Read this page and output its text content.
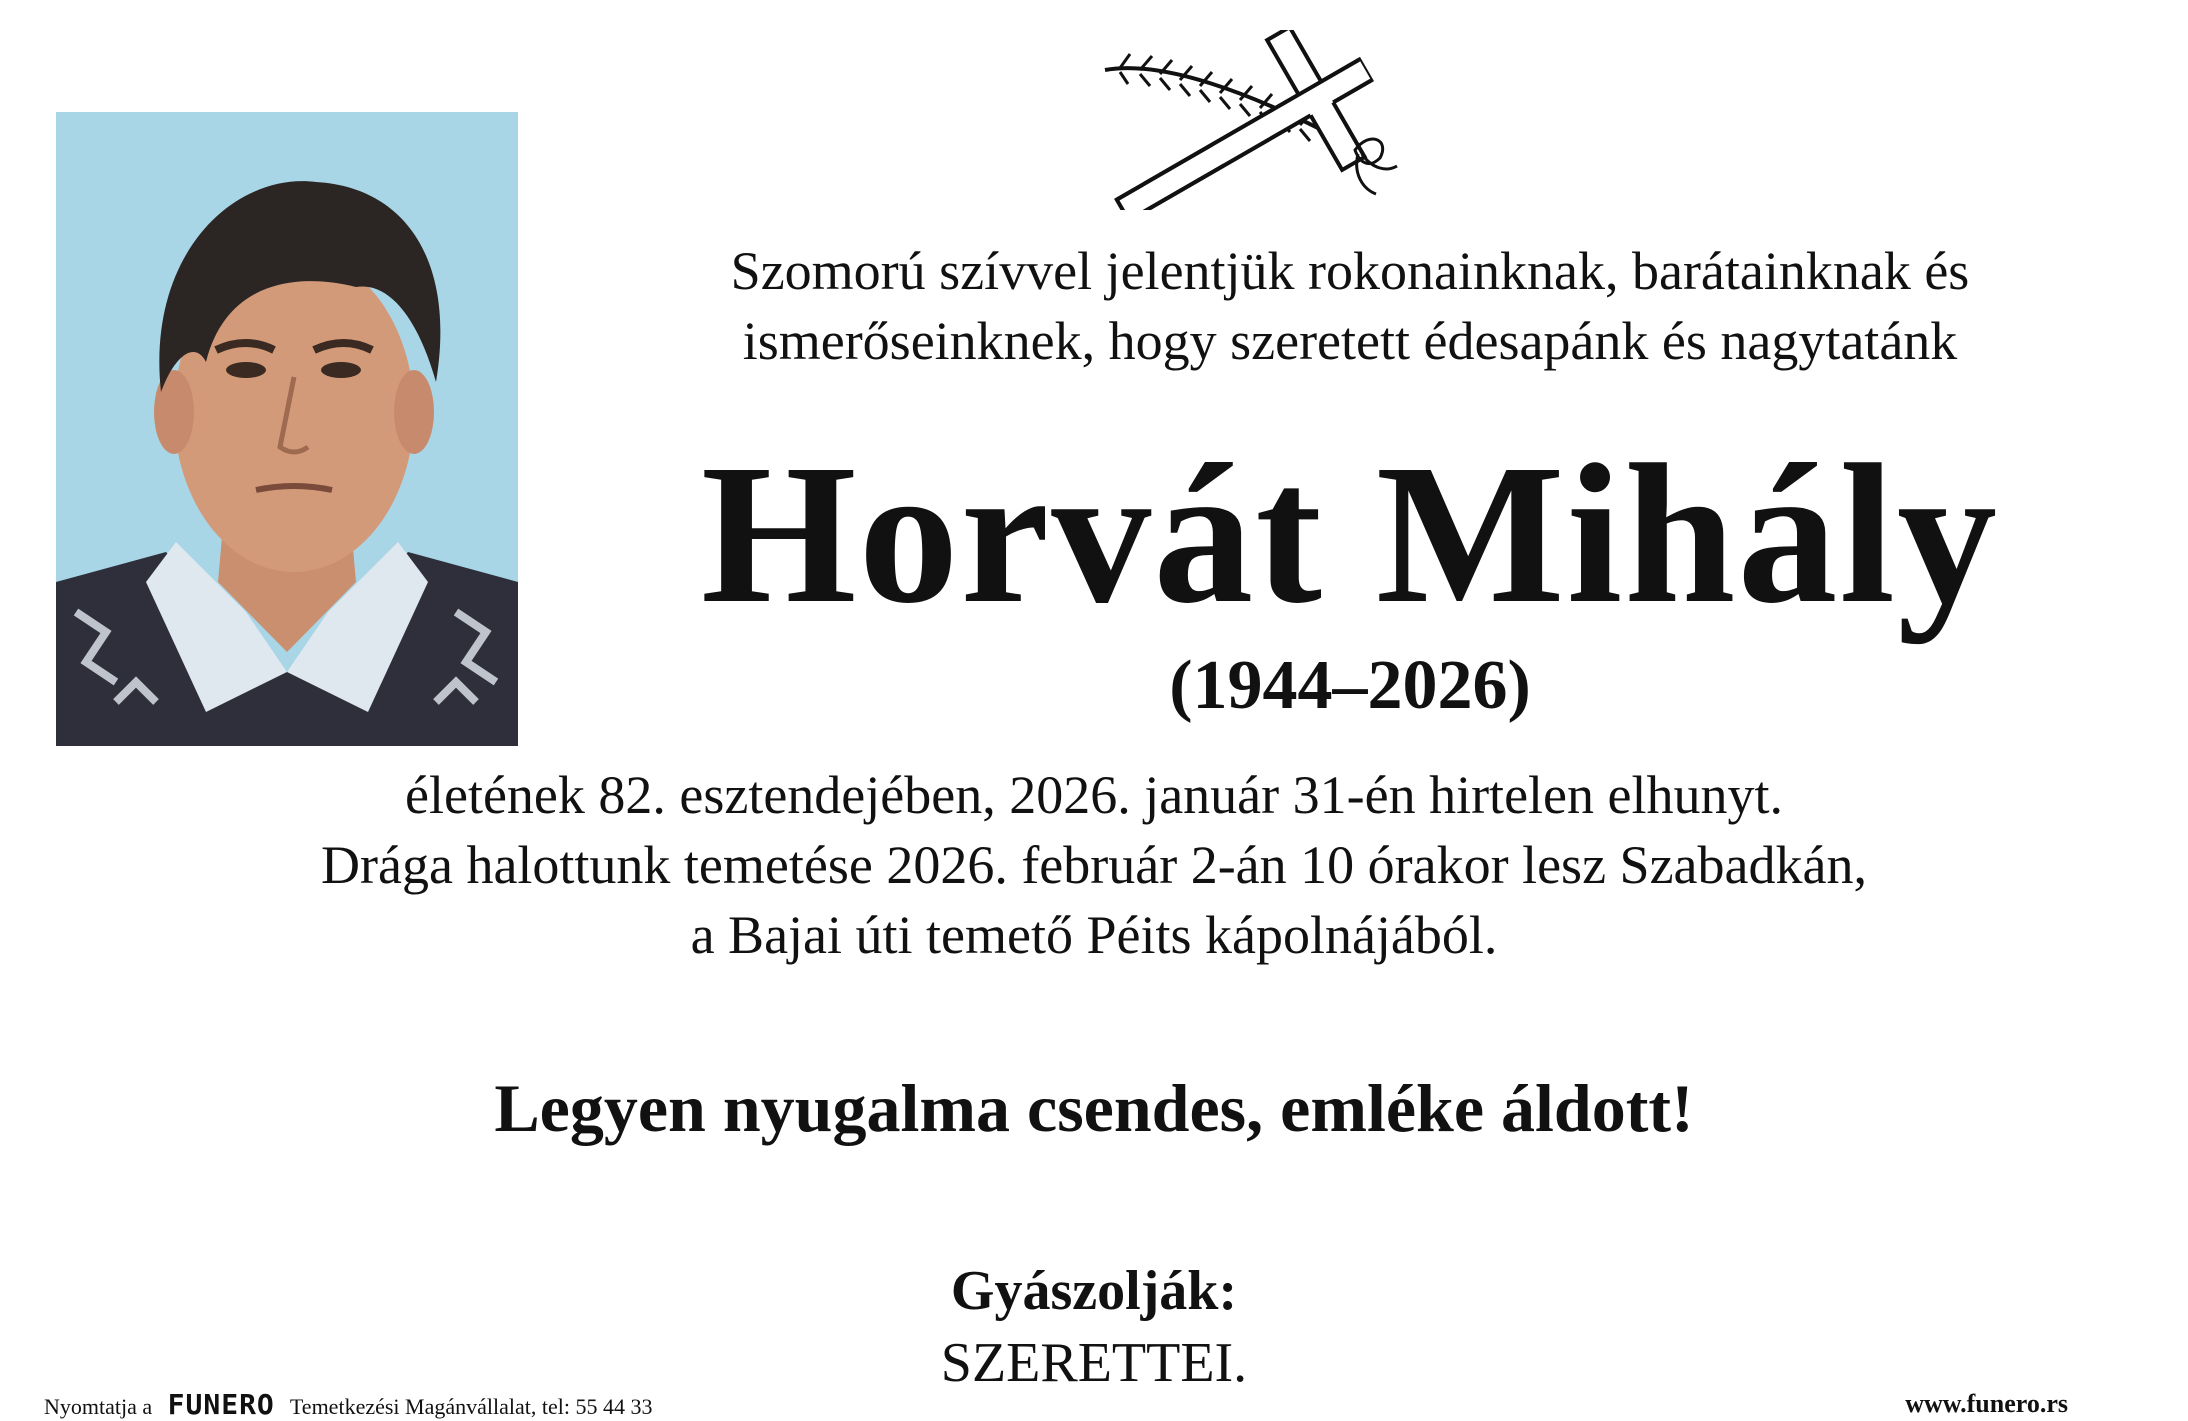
Szomorú szívvel jelentjük rokonainknak, barátainknak és
ismerőseinknek, hogy szeretett édesapánk és nagytatánk
Horvát Mihály
(1944–2026)
életének 82. esztendejében, 2026. január 31-én hirtelen elhunyt.
Drága halottunk temetése 2026. február 2-án 10 órakor lesz Szabadkán,
a Bajai úti temető Péits kápolnájából.
Legyen nyugalma csendes, emléke áldott!
Gyászolják:
SZERETTEI.
Nyomtatja a FUNERO Temetkezési Magánvállalat, tel: 55 44 33	www.funero.rs
